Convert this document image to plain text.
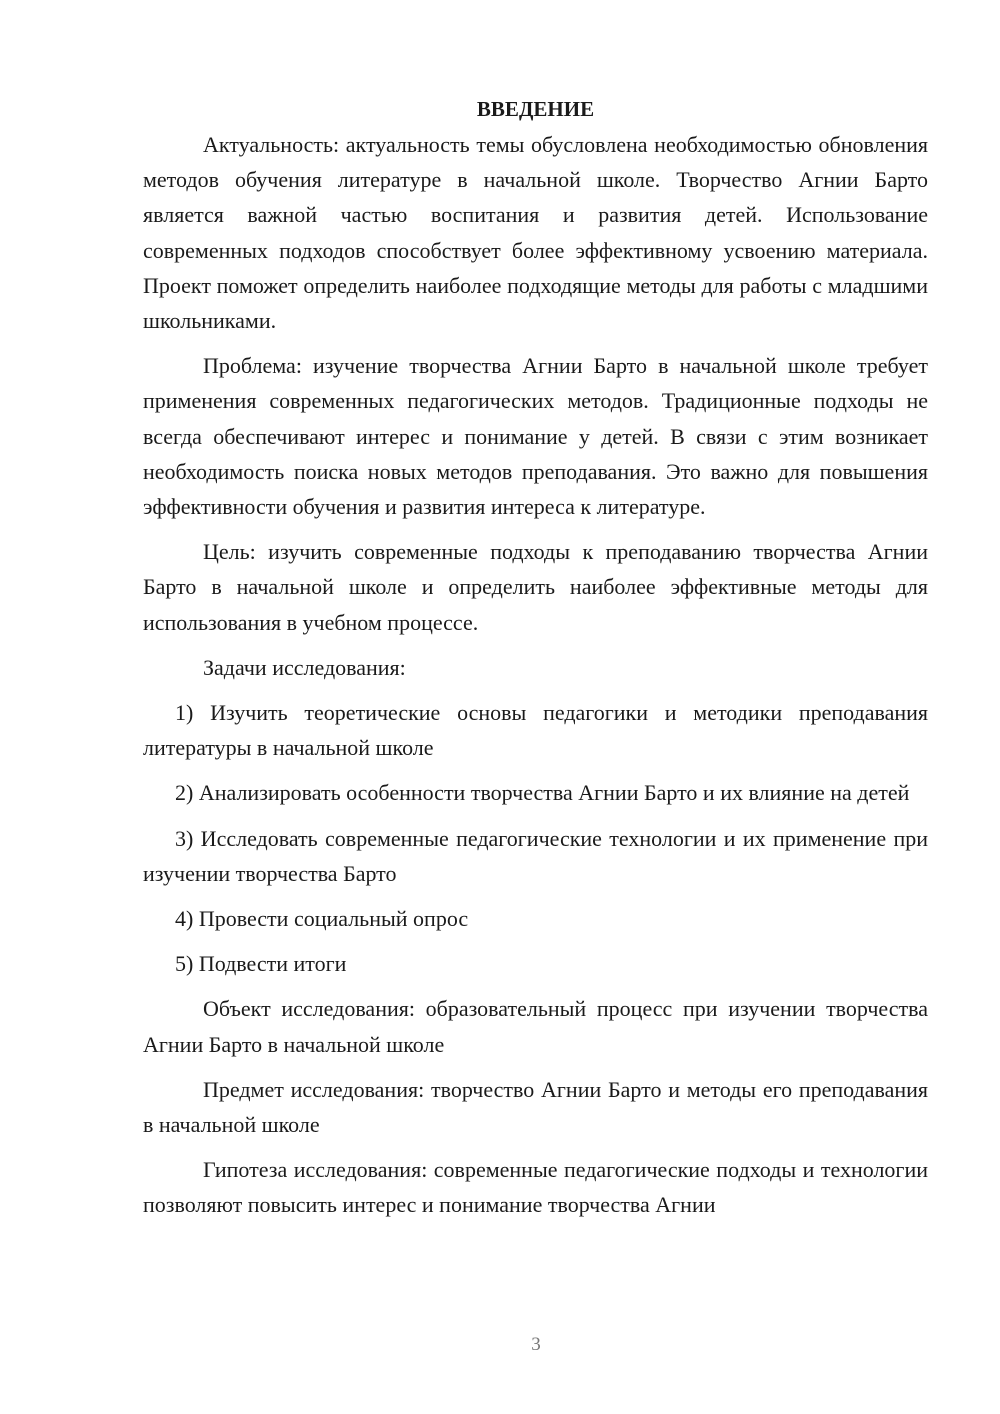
ВВЕДЕНИЕ

Актуальность: актуальность темы обусловлена необходимостью обновления методов обучения литературе в начальной школе. Творчество Агнии Барто является важной частью воспитания и развития детей. Использование современных подходов способствует более эффективному усвоению материала. Проект поможет определить наиболее подходящие методы для работы с младшими школьниками.

Проблема: изучение творчества Агнии Барто в начальной школе требует применения современных педагогических методов. Традиционные подходы не всегда обеспечивают интерес и понимание у детей. В связи с этим возникает необходимость поиска новых методов преподавания. Это важно для повышения эффективности обучения и развития интереса к литературе.

Цель: изучить современные подходы к преподаванию творчества Агнии Барто в начальной школе и определить наиболее эффективные методы для использования в учебном процессе.

Задачи исследования:

1) Изучить теоретические основы педагогики и методики преподавания литературы в начальной школе

2) Анализировать особенности творчества Агнии Барто и их влияние на детей

3) Исследовать современные педагогические технологии и их применение при изучении творчества Барто

4) Провести социальный опрос

5) Подвести итоги

Объект исследования: образовательный процесс при изучении творчества Агнии Барто в начальной школе

Предмет исследования: творчество Агнии Барто и методы его преподавания в начальной школе

Гипотеза исследования: современные педагогические подходы и технологии позволяют повысить интерес и понимание творчества Агнии

3
